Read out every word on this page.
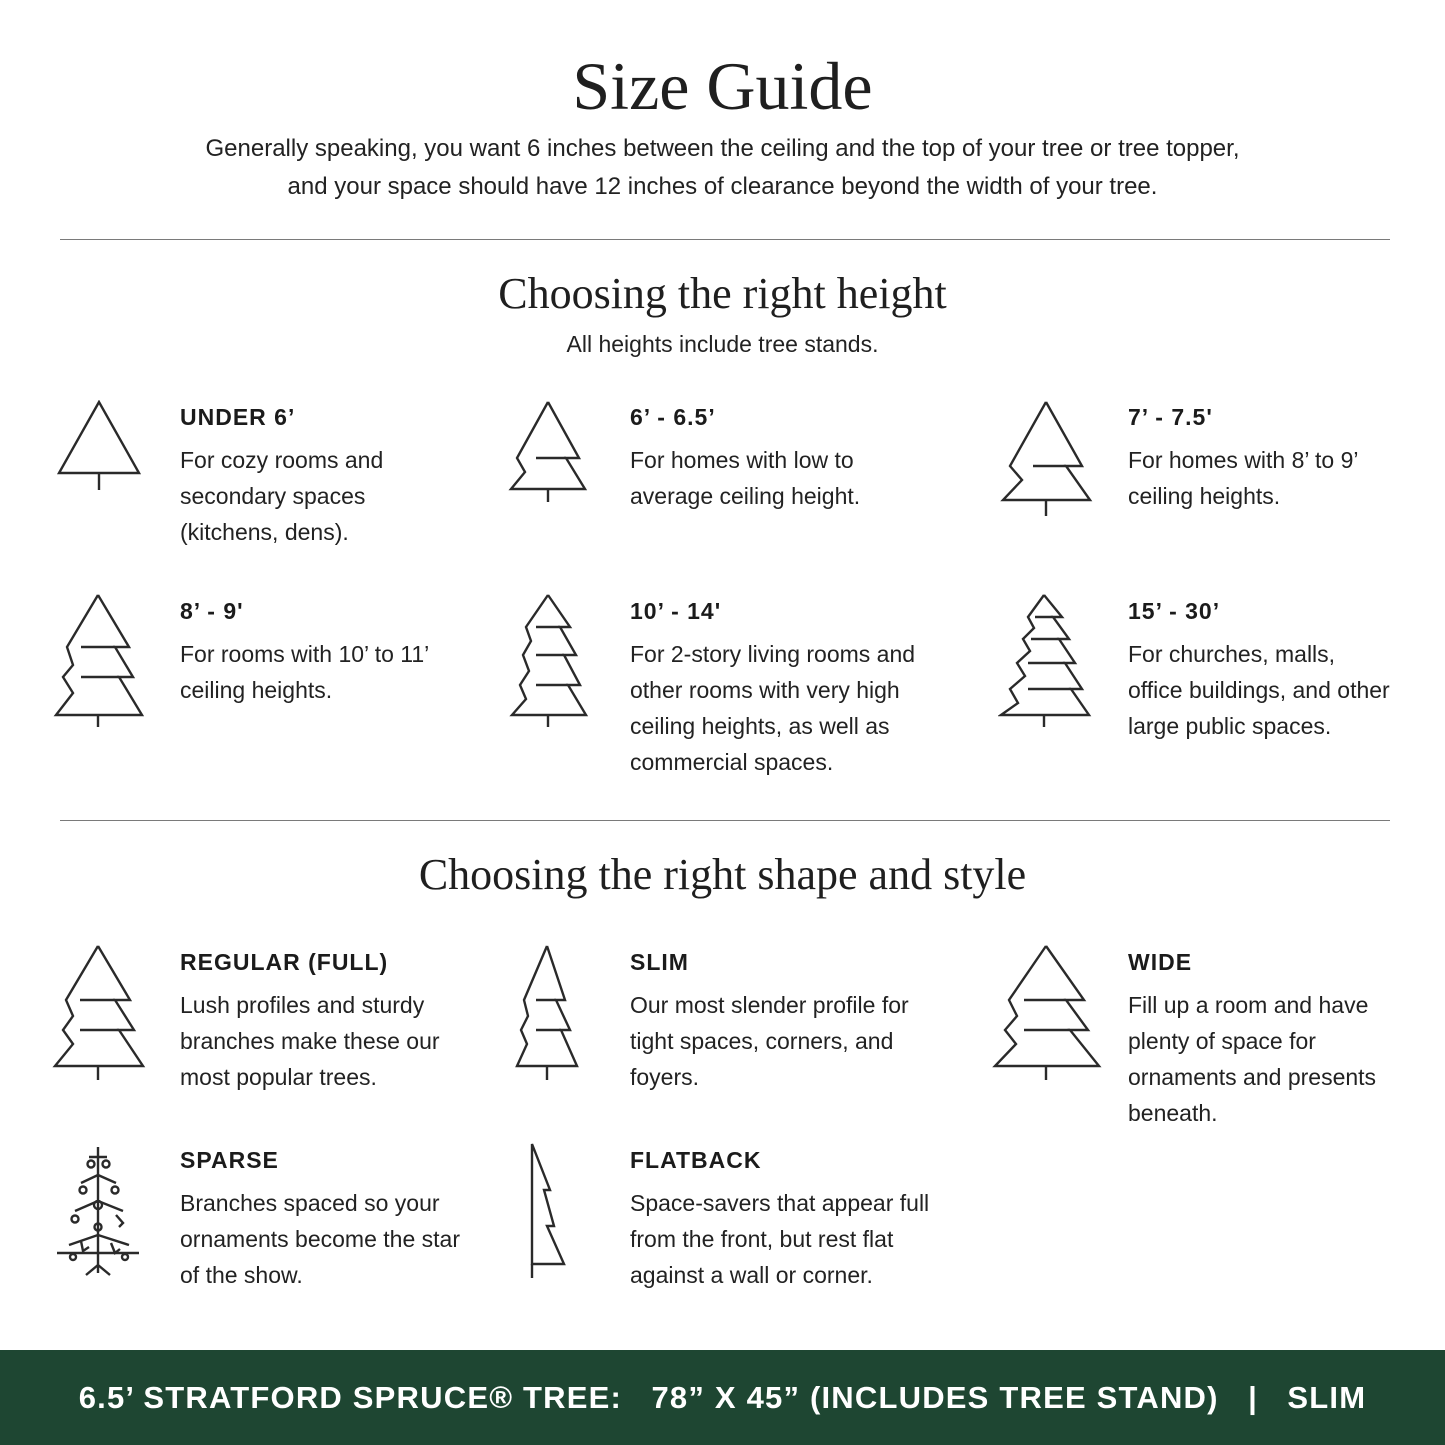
Size Guide
Generally speaking, you want 6 inches between the ceiling and the top of your tree or tree topper, and your space should have 12 inches of clearance beyond the width of your tree.
Choosing the right height
All heights include tree stands.
UNDER 6’
For cozy rooms and secondary spaces (kitchens, dens).
6’ - 6.5’
For homes with low to average ceiling height.
7’ - 7.5'
For homes with 8’ to 9’ ceiling heights.
8’ - 9'
For rooms with 10’ to 11’ ceiling heights.
10’ - 14'
For 2-story living rooms and other rooms with very high ceiling heights, as well as commercial spaces.
15’ - 30’
For churches, malls, office buildings, and other large public spaces.
Choosing the right shape and style
REGULAR (FULL)
Lush profiles and sturdy branches make these our most popular trees.
SLIM
Our most slender profile for tight spaces, corners, and foyers.
WIDE
Fill up a room and have plenty of space for ornaments and presents beneath.
SPARSE
Branches spaced so your ornaments become the star of the show.
FLATBACK
Space-savers that appear full from the front, but rest flat against a wall or corner.
6.5’ STRATFORD SPRUCE® TREE:   78” X 45” (INCLUDES TREE STAND)   |   SLIM
